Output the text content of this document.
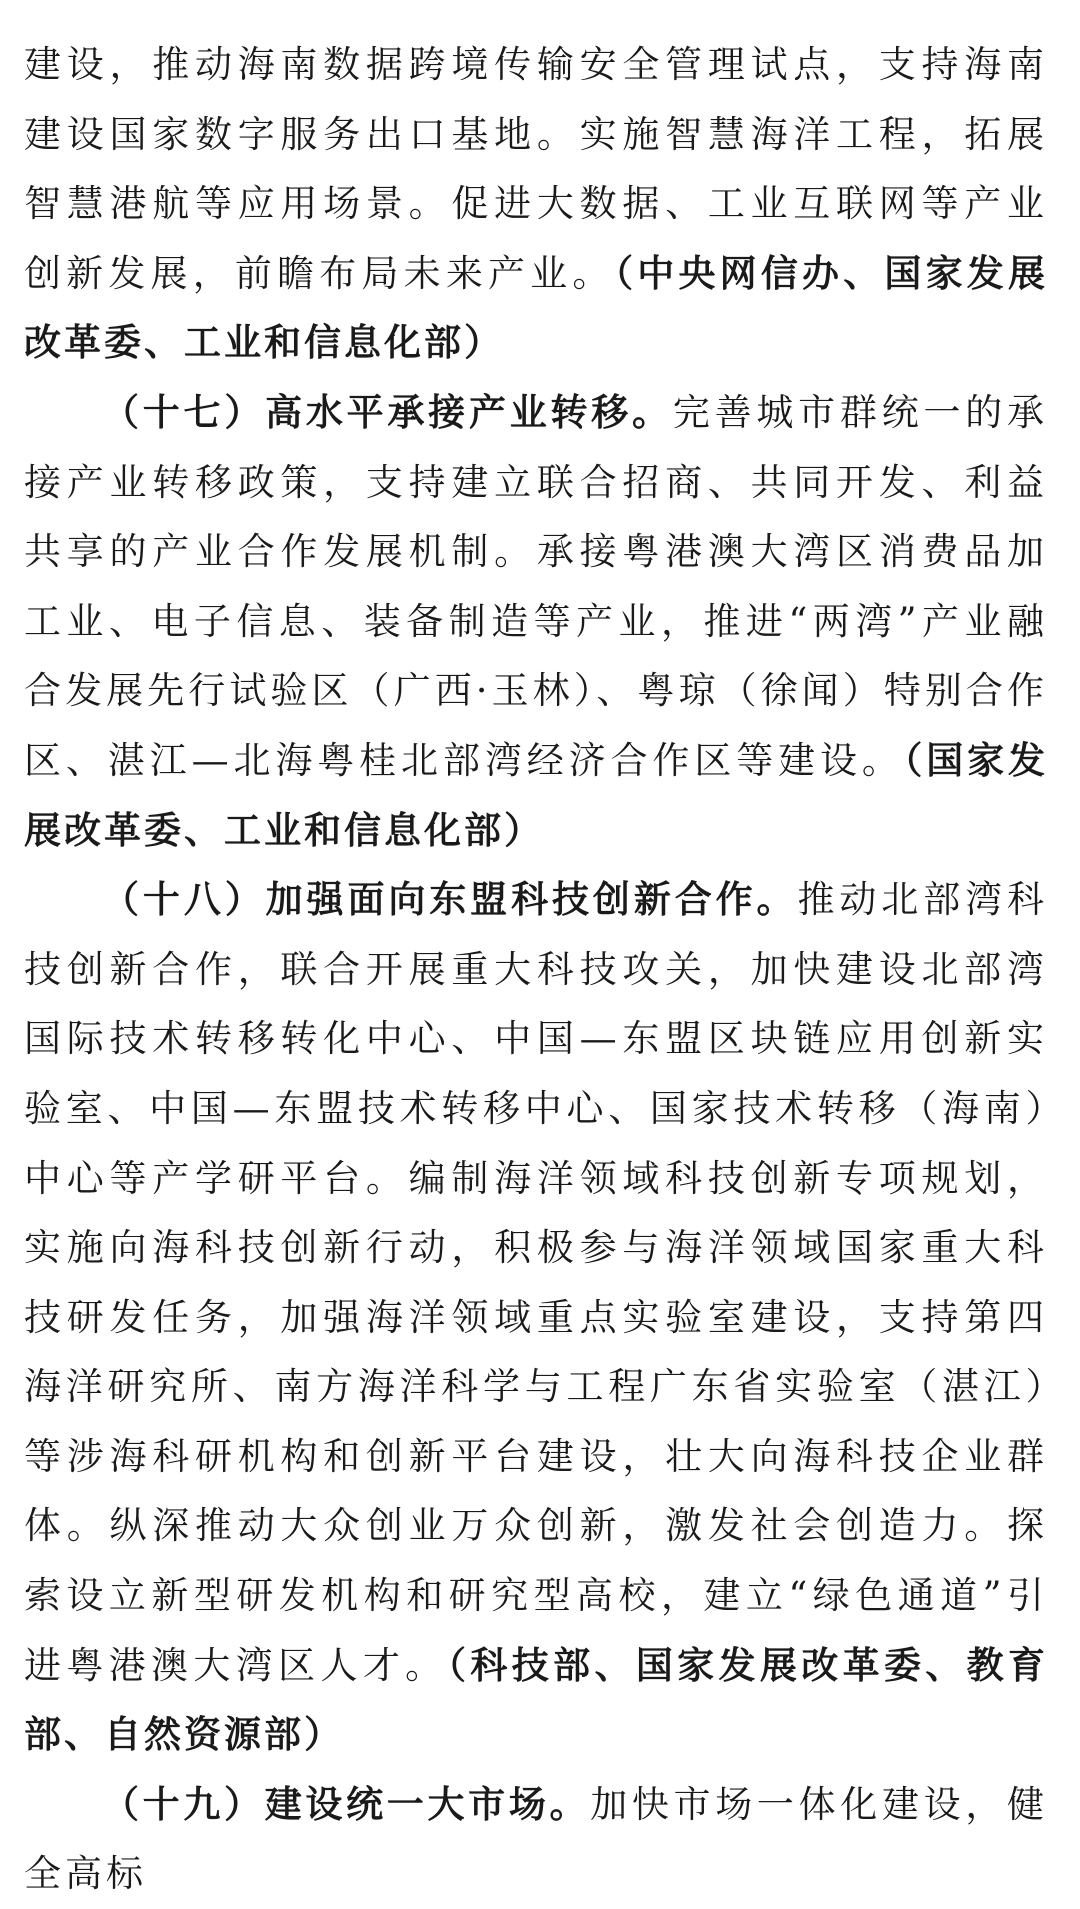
建设，推动海南数据跨境传输安全管理试点，支持海南建设国家数字服务出口基地。实施智慧海洋工程，拓展智慧港航等应用场景。促进大数据、工业互联网等产业创新发展，前瞻布局未来产业。（中央网信办、国家发展改革委、工业和信息化部）

（十七）高水平承接产业转移。完善城市群统一的承接产业转移政策，支持建立联合招商、共同开发、利益共享的产业合作发展机制。承接粤港澳大湾区消费品加工业、电子信息、装备制造等产业，推进“两湾”产业融合发展先行试验区（广西·玉林）、粤琼（徐闻）特别合作区、湛江—北海粤桂北部湾经济合作区等建设。（国家发展改革委、工业和信息化部）

（十八）加强面向东盟科技创新合作。推动北部湾科技创新合作，联合开展重大科技攻关，加快建设北部湾国际技术转移转化中心、中国—东盟区块链应用创新实验室、中国—东盟技术转移中心、国家技术转移（海南）中心等产学研平台。编制海洋领域科技创新专项规划，实施向海科技创新行动，积极参与海洋领域国家重大科技研发任务，加强海洋领域重点实验室建设，支持第四海洋研究所、南方海洋科学与工程广东省实验室（湛江）等涉海科研机构和创新平台建设，壮大向海科技企业群体。纵深推动大众创业万众创新，激发社会创造力。探索设立新型研发机构和研究型高校，建立“绿色通道”引进粤港澳大湾区人才。（科技部、国家发展改革委、教育部、自然资源部）

（十九）建设统一大市场。加快市场一体化建设，健全高标
